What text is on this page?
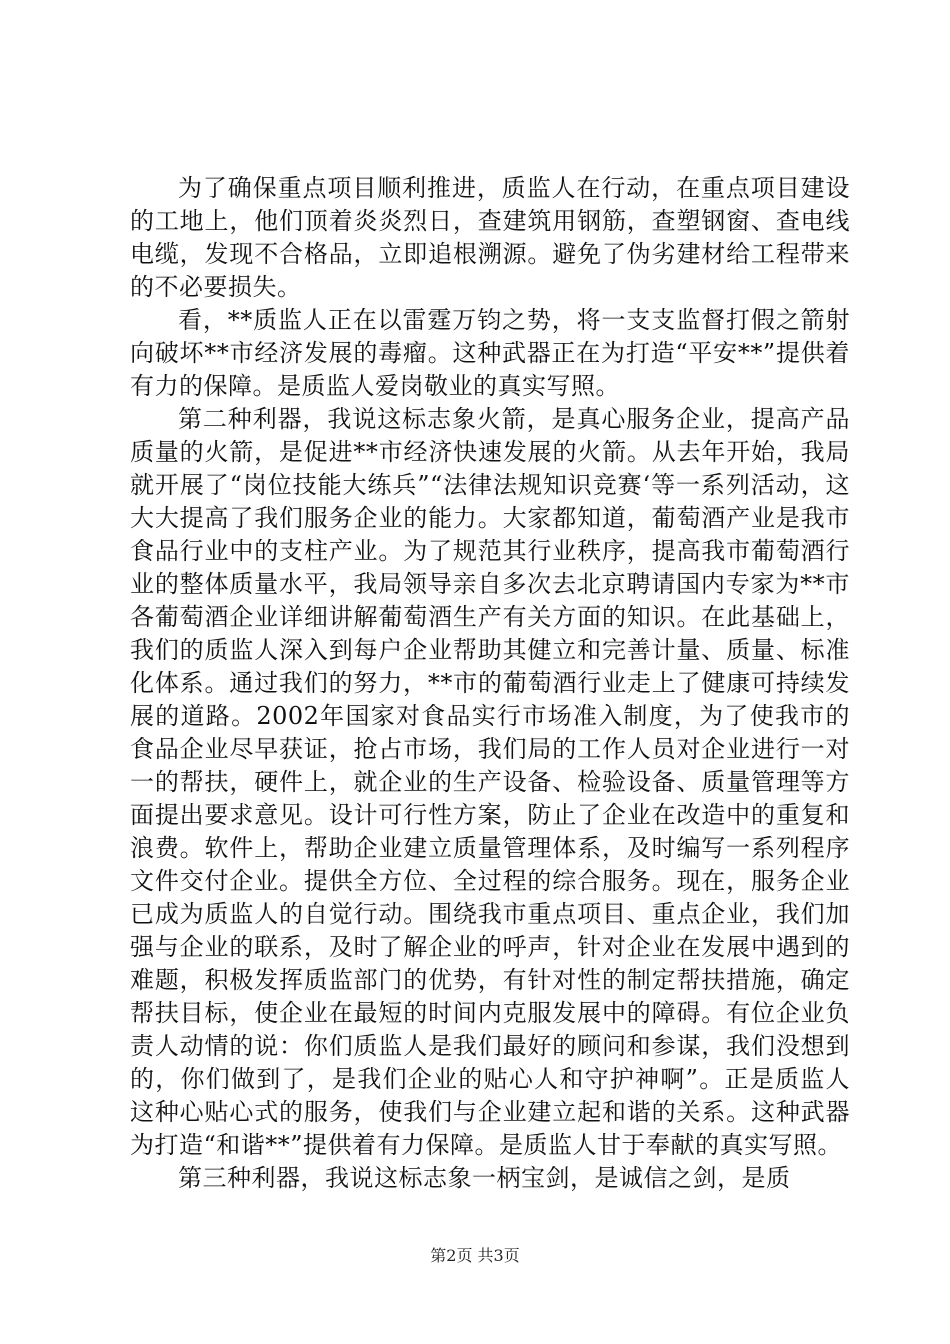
为了确保重点项目顺利推进，质监人在行动，在重点项目建设的工地上，他们顶着炎炎烈日，查建筑用钢筋，查塑钢窗、查电线电缆，发现不合格品，立即追根溯源。避免了伪劣建材给工程带来的不必要损失。

看，**质监人正在以雷霆万钧之势，将一支支监督打假之箭射向破坏**市经济发展的毒瘤。这种武器正在为打造“平安**”提供着有力的保障。是质监人爱岗敬业的真实写照。

第二种利器，我说这标志象火箭，是真心服务企业，提高产品质量的火箭，是促进**市经济快速发展的火箭。从去年开始，我局就开展了“岗位技能大练兵”“法律法规知识竞赛‘等一系列活动，这大大提高了我们服务企业的能力。大家都知道，葡萄酒产业是我市食品行业中的支柱产业。为了规范其行业秩序，提高我市葡萄酒行业的整体质量水平，我局领导亲自多次去北京聘请国内专家为**市各葡萄酒企业详细讲解葡萄酒生产有关方面的知识。在此基础上，我们的质监人深入到每户企业帮助其健立和完善计量、质量、标准化体系。通过我们的努力，**市的葡萄酒行业走上了健康可持续发展的道路。2002年国家对食品实行市场准入制度，为了使我市的食品企业尽早获证，抢占市场，我们局的工作人员对企业进行一对一的帮扶，硬件上，就企业的生产设备、检验设备、质量管理等方面提出要求意见。设计可行性方案，防止了企业在改造中的重复和浪费。软件上，帮助企业建立质量管理体系，及时编写一系列程序文件交付企业。提供全方位、全过程的综合服务。现在，服务企业已成为质监人的自觉行动。围绕我市重点项目、重点企业，我们加强与企业的联系，及时了解企业的呼声，针对企业在发展中遇到的难题，积极发挥质监部门的优势，有针对性的制定帮扶措施，确定帮扶目标，使企业在最短的时间内克服发展中的障碍。有位企业负责人动情的说：你们质监人是我们最好的顾问和参谋，我们没想到的，你们做到了，是我们企业的贴心人和守护神啊”。正是质监人这种心贴心式的服务，使我们与企业建立起和谐的关系。这种武器为打造“和谐**”提供着有力保障。是质监人甘于奉献的真实写照。

第三种利器，我说这标志象一柄宝剑，是诚信之剑，是质

第2页 共3页
